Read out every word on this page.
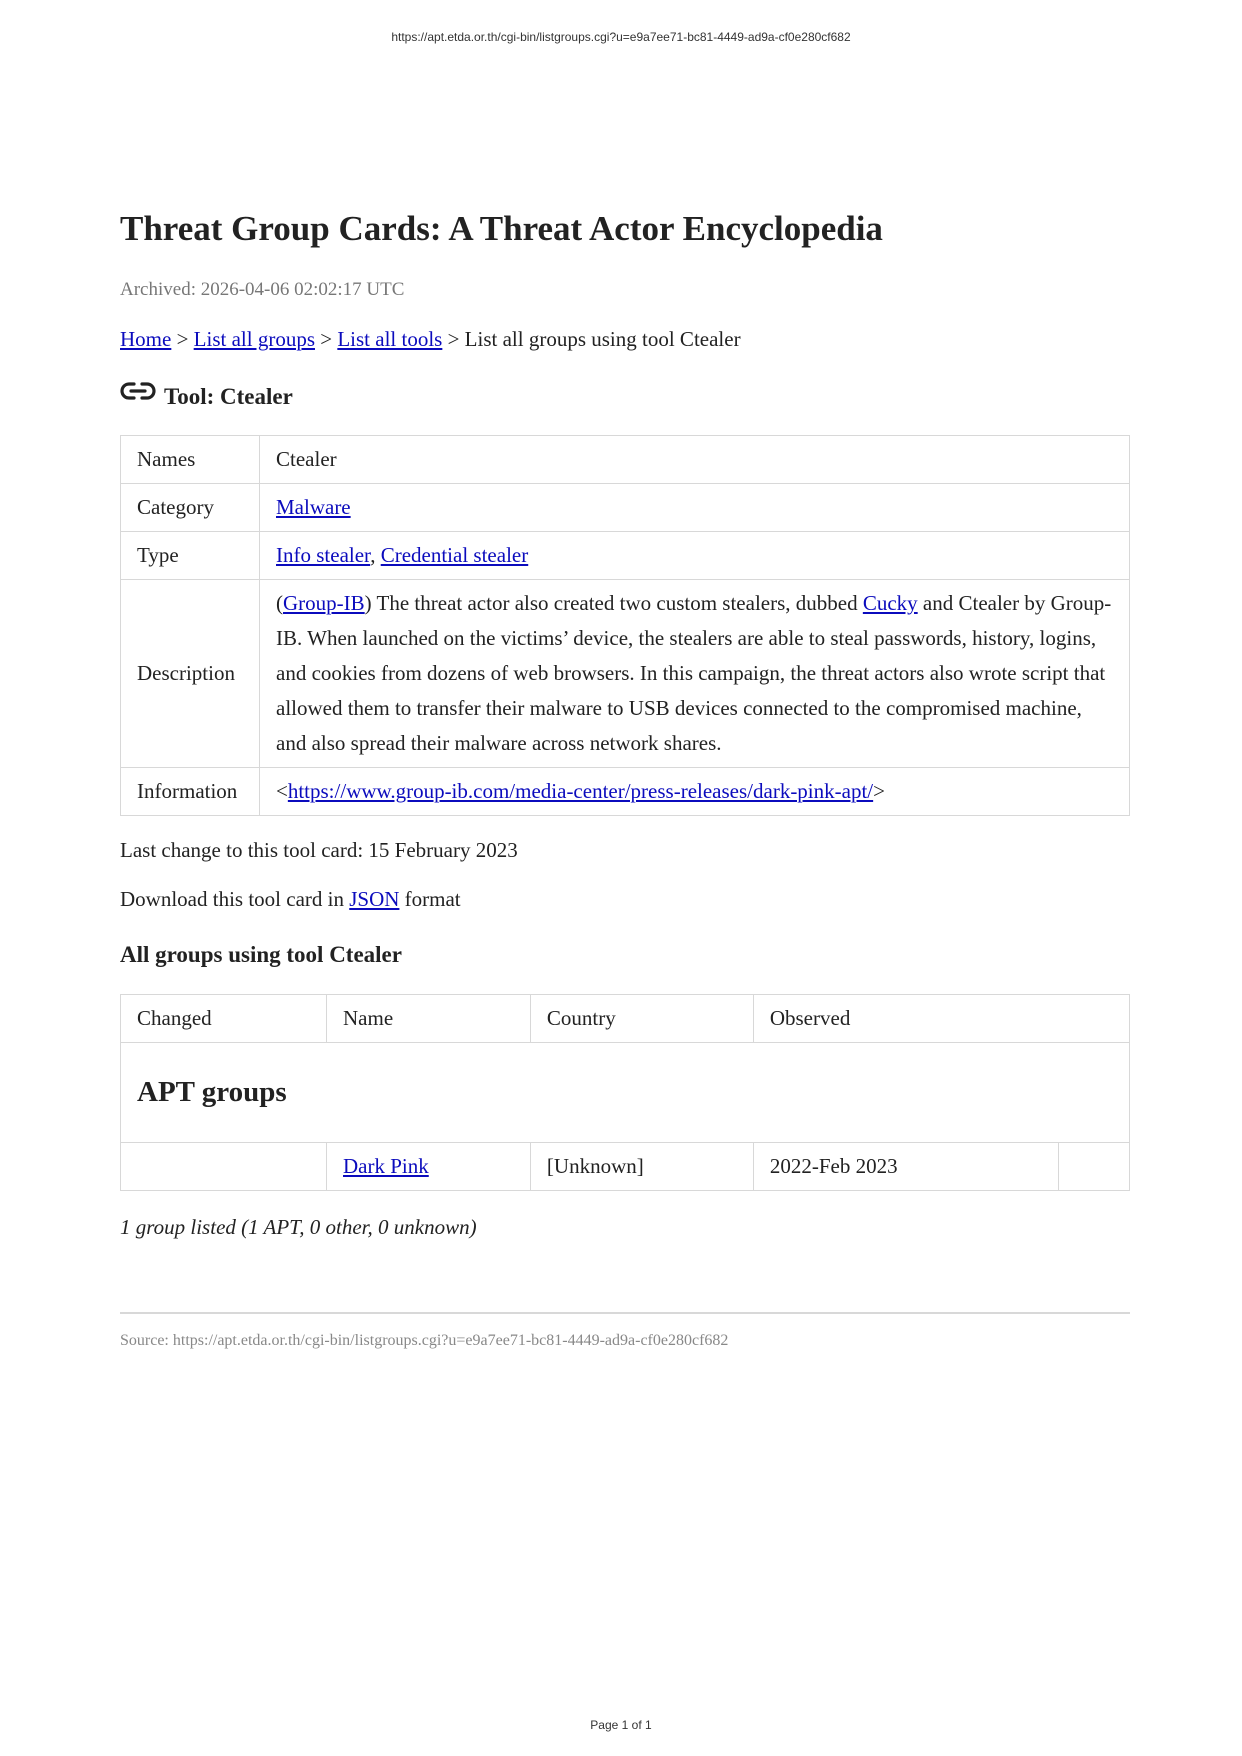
https://apt.etda.or.th/cgi-bin/listgroups.cgi?u=e9a7ee71-bc81-4449-ad9a-cf0e280cf682
Threat Group Cards: A Threat Actor Encyclopedia

Archived: 2026-04-06 02:02:17 UTC

Home > List all groups > List all tools > List all groups using tool Ctealer

Tool: Ctealer
Names	Ctealer
Category	Malware
Type	Info stealer, Credential stealer
Description	(Group-IB) The threat actor also created two custom stealers, dubbed Cucky and Ctealer by Group-IB. When launched on the victims’ device, the stealers are able to steal passwords, history, logins, and cookies from dozens of web browsers. In this campaign, the threat actors also wrote script that allowed them to transfer their malware to USB devices connected to the compromised machine, and also spread their malware across network shares.
Information	<https://www.group-ib.com/media-center/press-releases/dark-pink-apt/>

Last change to this tool card: 15 February 2023

Download this tool card in JSON format

All groups using tool Ctealer
Changed	Name	Country	Observed	
APT groups				
	Dark Pink	[Unknown]	2022-Feb 2023	

1 group listed (1 APT, 0 other, 0 unknown)

Source: https://apt.etda.or.th/cgi-bin/listgroups.cgi?u=e9a7ee71-bc81-4449-ad9a-cf0e280cf682

Page 1 of 1
